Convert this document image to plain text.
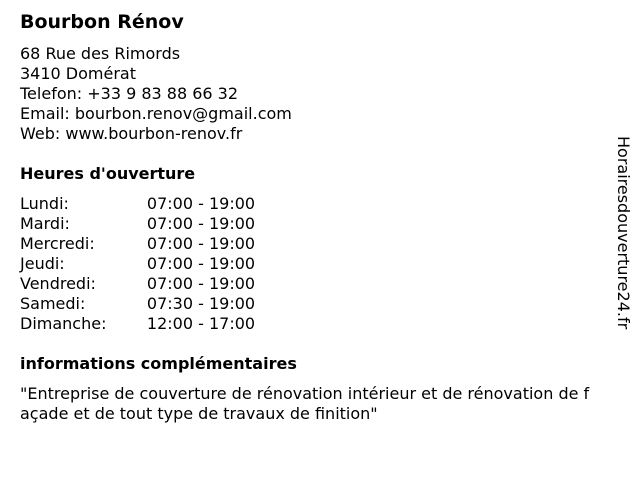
Bourbon Rénov
68 Rue des Rimords
3410 Domérat
Telefon: +33 9 83 88 66 32
Email: bourbon.renov@gmail.com
Web: www.bourbon-renov.fr
Heures d'ouverture
Lundi:	07:00 - 19:00
Mardi:	07:00 - 19:00
Mercredi:	07:00 - 19:00
Jeudi:	07:00 - 19:00
Vendredi:	07:00 - 19:00
Samedi:	07:30 - 19:00
Dimanche:	12:00 - 17:00
informations complémentaires
"Entreprise de couverture de rénovation intérieur et de rénovation de façade et de tout type de travaux de finition"
Horairesdouverture24.fr
